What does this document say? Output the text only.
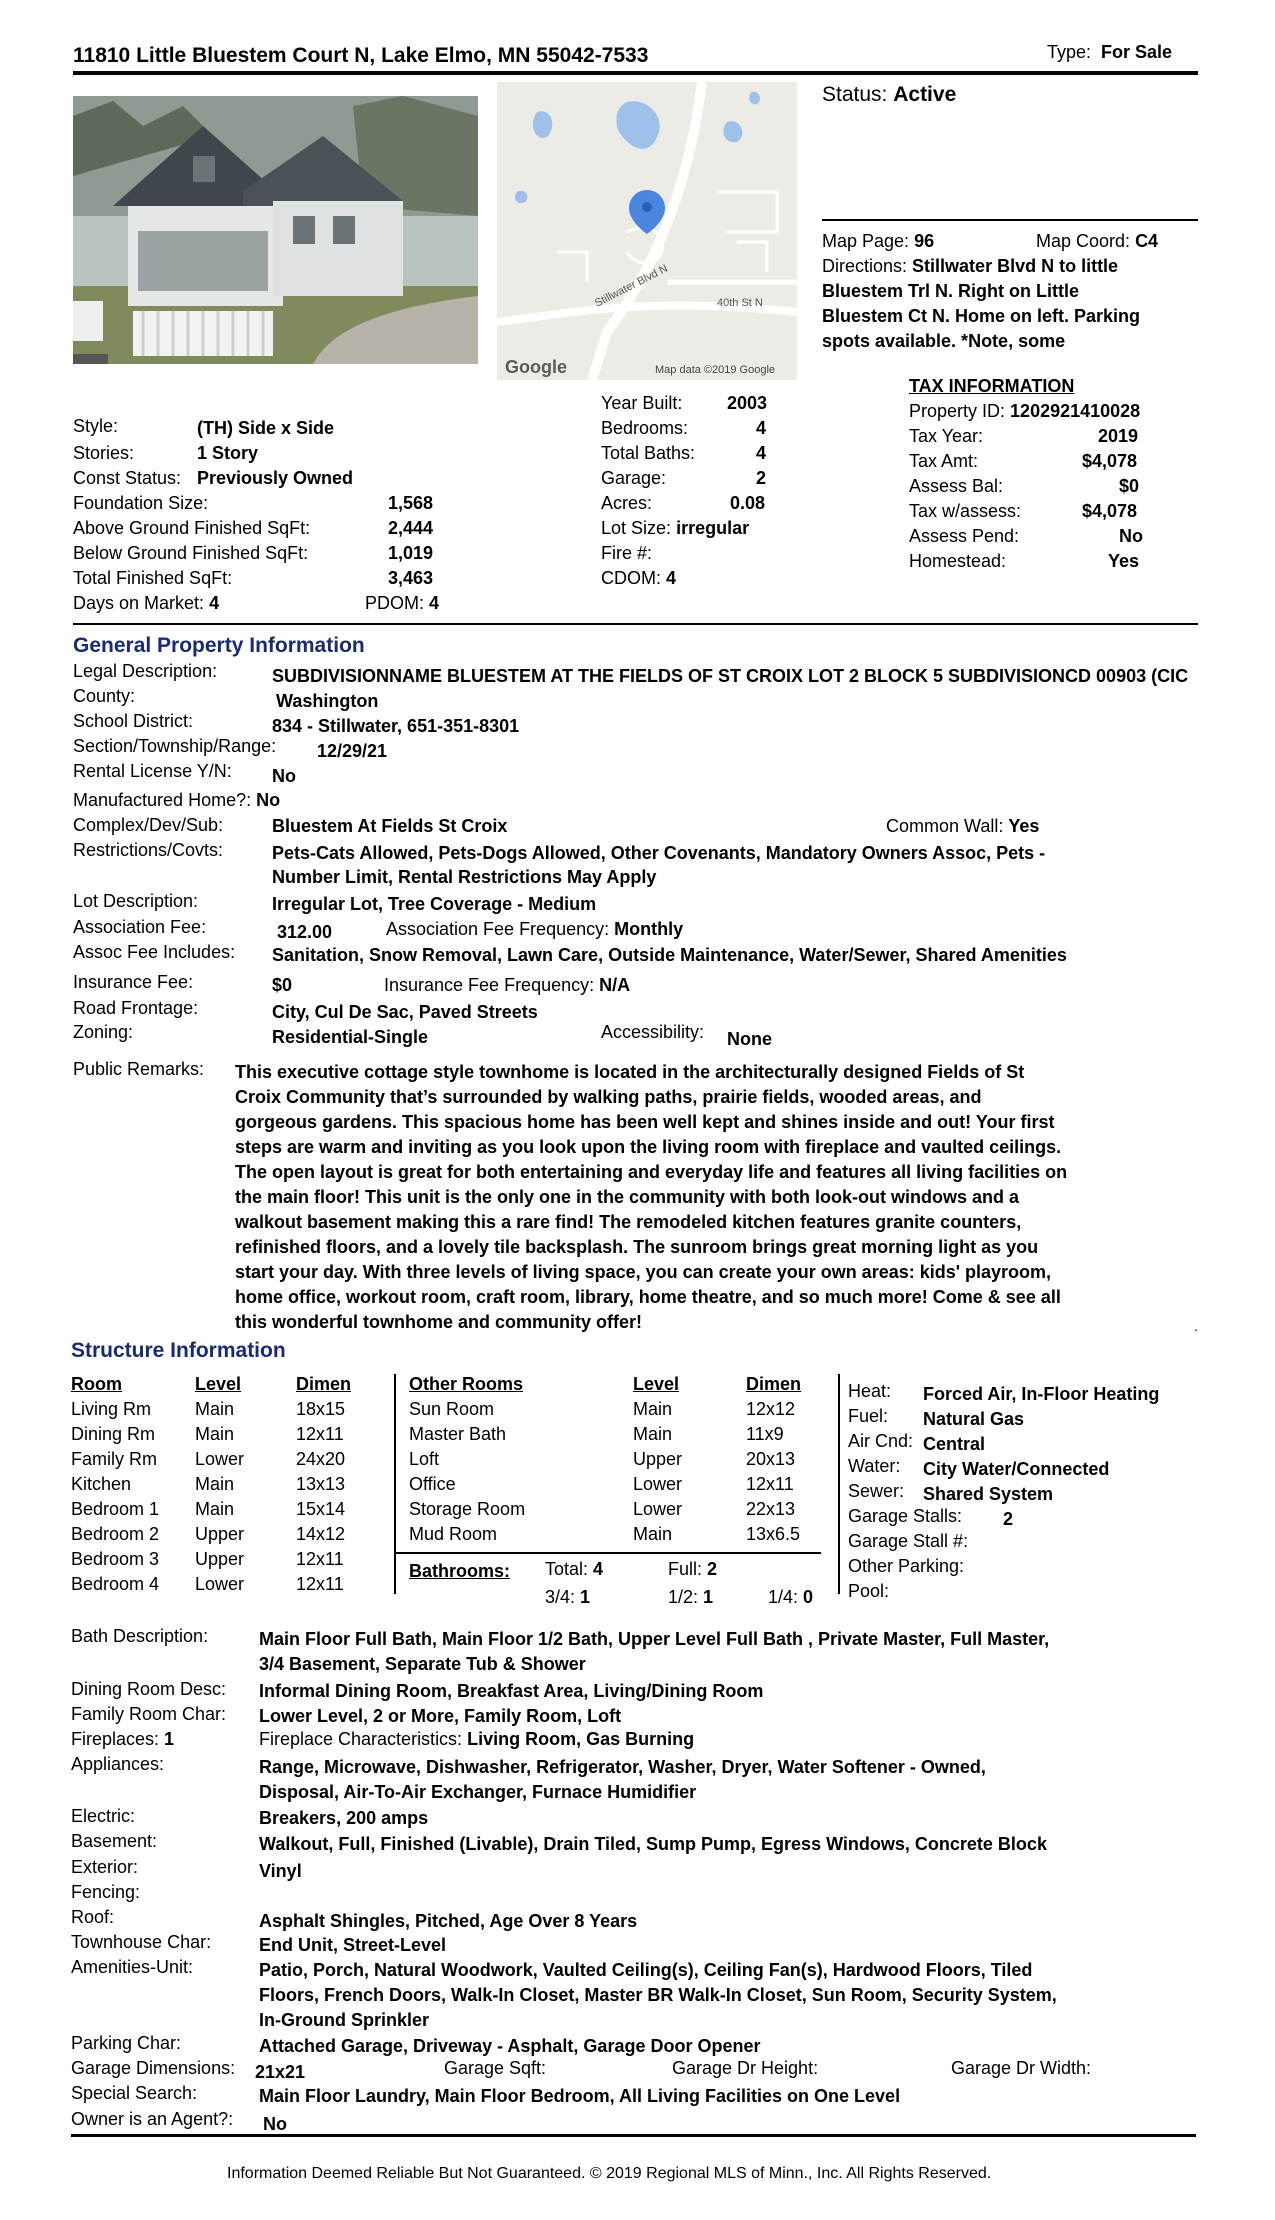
11810 Little Bluestem Court N, Lake Elmo, MN 55042-7533	Type: For Sale
Stillwater Blvd N	40th St N
Google	Map data ©2019 Google
Status: Active
Map Page: 96	Map Coord: C4
Directions: Stillwater Blvd N to little
Bluestem Trl N. Right on Little
Bluestem Ct N. Home on left. Parking
spots available. *Note, some
Style:	(TH) Side x Side
Stories:	1 Story
Const Status: Previously Owned
Foundation Size:	1,568
Above Ground Finished SqFt:	2,444
Below Ground Finished SqFt:	1,019
Total Finished SqFt:	3,463
Days on Market: 4	PDOM: 4
Year Built: 2003
Bedrooms:	4
Total Baths:	4
Garage:	2
Acres:	0.08
Lot Size: irregular
Fire #:
CDOM: 4
TAX INFORMATION
Property ID: 1202921410028
Tax Year:	2019
Tax Amt:	$4,078
Assess Bal:	$0
Tax w/assess:	$4,078
Assess Pend:	No
Homestead:	Yes
General Property Information
Legal Description:	SUBDIVISIONNAME BLUESTEM AT THE FIELDS OF ST CROIX LOT 2 BLOCK 5 SUBDIVISIONCD 00903 (CIC
County:	Washington
School District:	834 - Stillwater, 651-351-8301
Section/Township/Range: 12/29/21
Rental License Y/N: No
Manufactured Home?: No
Complex/Dev/Sub:	Bluestem At Fields St Croix	Common Wall: Yes
Restrictions/Covts:	Pets-Cats Allowed, Pets-Dogs Allowed, Other Covenants, Mandatory Owners Assoc, Pets -
Number Limit, Rental Restrictions May Apply
Lot Description:	Irregular Lot, Tree Coverage - Medium
Association Fee:	312.00	Association Fee Frequency: Monthly
Assoc Fee Includes: Sanitation, Snow Removal, Lawn Care, Outside Maintenance, Water/Sewer, Shared Amenities
Insurance Fee:	$0	Insurance Fee Frequency: N/A
Road Frontage:	City, Cul De Sac, Paved Streets
Zoning:	Residential-Single	Accessibility: None
Public Remarks: This executive cottage style townhome is located in the architecturally designed Fields of St
Croix Community that’s surrounded by walking paths, prairie fields, wooded areas, and
gorgeous gardens. This spacious home has been well kept and shines inside and out! Your first
steps are warm and inviting as you look upon the living room with fireplace and vaulted ceilings.
The open layout is great for both entertaining and everyday life and features all living facilities on
the main floor! This unit is the only one in the community with both look-out windows and a
walkout basement making this a rare find! The remodeled kitchen features granite counters,
refinished floors, and a lovely tile backsplash. The sunroom brings great morning light as you
start your day. With three levels of living space, you can create your own areas: kids' playroom,
home office, workout room, craft room, library, home theatre, and so much more! Come & see all
this wonderful townhome and community offer!	.
Structure Information
Room	Level	Dimen
Living Rm Main	18x15
Dining Rm Main	12x11
Family Rm Lower	24x20
Kitchen	Main	13x13
Bedroom 1 Main	15x14
Bedroom 2 Upper	14x12
Bedroom 3 Upper	12x11
Bedroom 4 Lower	12x11
Other Rooms	Level	Dimen
Sun Room	Main	12x12
Master Bath	Main	11x9
Loft	Upper	20x13
Office	Lower	12x11
Storage Room	Lower	22x13
Mud Room	Main	13x6.5
Bathrooms: Total: 4	Full: 2
3/4: 1	1/2: 1	1/4: 0
Heat: Forced Air, In-Floor Heating
Fuel: Natural Gas
Air Cnd: Central
Water: City Water/Connected
Sewer: Shared System
Garage Stalls: 2
Garage Stall #:
Other Parking:
Pool:
Bath Description:	Main Floor Full Bath, Main Floor 1/2 Bath, Upper Level Full Bath , Private Master, Full Master,
3/4 Basement, Separate Tub & Shower
Dining Room Desc: Informal Dining Room, Breakfast Area, Living/Dining Room
Family Room Char: Lower Level, 2 or More, Family Room, Loft
Fireplaces: 1	Fireplace Characteristics: Living Room, Gas Burning
Appliances:	Range, Microwave, Dishwasher, Refrigerator, Washer, Dryer, Water Softener - Owned,
Disposal, Air-To-Air Exchanger, Furnace Humidifier
Electric:	Breakers, 200 amps
Basement:	Walkout, Full, Finished (Livable), Drain Tiled, Sump Pump, Egress Windows, Concrete Block
Exterior:	Vinyl
Fencing:
Roof:	Asphalt Shingles, Pitched, Age Over 8 Years
Townhouse Char:	End Unit, Street-Level
Amenities-Unit:	Patio, Porch, Natural Woodwork, Vaulted Ceiling(s), Ceiling Fan(s), Hardwood Floors, Tiled
Floors, French Doors, Walk-In Closet, Master BR Walk-In Closet, Sun Room, Security System,
In-Ground Sprinkler
Parking Char:	Attached Garage, Driveway - Asphalt, Garage Door Opener
Garage Dimensions: 21x21	Garage Sqft:	Garage Dr Height:	Garage Dr Width:
Special Search:	Main Floor Laundry, Main Floor Bedroom, All Living Facilities on One Level
Owner is an Agent?: No
Information Deemed Reliable But Not Guaranteed. © 2019 Regional MLS of Minn., Inc. All Rights Reserved.
